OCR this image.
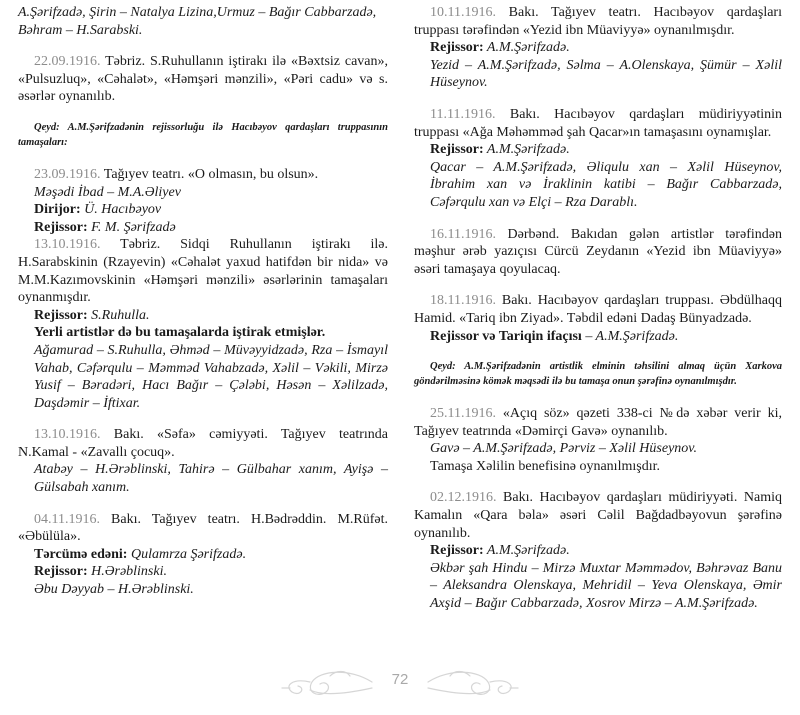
A.Şərifzadə, Şirin – Natalya Lizina,Urmuz – Bağır Cabbarzadə,

Bəhram – H.Sarabski.

22.09.1916. Təbriz. S.Ruhullanın iştirakı ilə «Bəxtsiz cavan», «Pulsuzluq», «Cəhalət», «Həmşəri mənzili», «Pəri cadu» və s. əsərlər oynanılıb.

Qeyd: A.M.Şərifzadənin rejissorluğu ilə Hacıbəyov qardaşları truppasının tamaşaları:

23.09.1916. Tağıyev teatrı. «O olmasın, bu olsun».

Məşədi İbad – M.A.Əliyev

Dirijor: Ü. Hacıbəyov

Rejissor: F. M. Şərifzadə

13.10.1916. Təbriz. Sidqi Ruhullanın iştirakı ilə. H.Sarabskinin (Rzayevin) «Cəhalət yaxud hatifdən bir nida» və M.M.Kazımovskinin «Həmşəri mənzili» əsərlərinin tamaşaları oynanmışdır.

Rejissor: S.Ruhulla.

Yerli artistlər də bu tamaşalarda iştirak etmişlər.

Ağamurad – S.Ruhulla, Əhməd – Müvəyyidzadə, Rza – İsmayıl Vahab, Cəfərqulu – Məmməd Vahabzadə, Xəlil – Vəkili, Mirzə Yusif – Bəradəri, Hacı Bağır – Çələbi, Həsən – Xəlilzadə, Daşdəmir – İftixar.

13.10.1916. Bakı. «Səfa» cəmiyyəti. Tağıyev teatrında N.Kamal - «Zavallı çocuq».

Atabəy – H.Ərəblinski, Tahirə – Gülbahar xanım, Ayişə – Gülsabah xanım.

04.11.1916. Bakı. Tağıyev teatrı. H.Bədrəddin. M.Rüfət. «Əbülüla».

Tərcümə edəni: Qulamrza Şərifzadə.

Rejissor: H.Ərəblinski.

Əbu Dəyyab – H.Ərəblinski.

10.11.1916. Bakı. Tağıyev teatrı. Hacıbəyov qardaşları truppası tərəfindən «Yezid ibn Müaviyyə» oynanılmışdır.

Rejissor: A.M.Şərifzadə.

Yezid – A.M.Şərifzadə, Səlma – A.Olenskaya, Şümür – Xəlil Hüseynov.

11.11.1916. Bakı. Hacıbəyov qardaşları müdiriyyətinin truppası «Ağa Məhəmməd şah Qacar»ın tamaşasını oynamışlar.

Rejissor: A.M.Şərifzadə.

Qacar – A.M.Şərifzadə, Əliqulu xan – Xəlil Hüseynov, İbrahim xan və İraklinin katibi – Bağır Cabbarzadə, Cəfərqulu xan və Elçi – Rza Darablı.

16.11.1916. Dərbənd. Bakıdan gələn artistlər tərəfindən məşhur ərəb yazıçısı Cürcü Zeydanın «Yezid ibn Müaviyyə» əsəri tamaşaya qoyulacaq.

18.11.1916. Bakı. Hacıbəyov qardaşları truppası. Əbdülhaqq Hamid. «Tariq ibn Ziyad». Təbdil edəni Dadaş Bünyadzadə.

Rejissor və Tariqin ifaçısı – A.M.Şərifzadə.

Qeyd: A.M.Şərifzadənin artistlik elminin təhsilini almaq üçün Xarkova göndərilməsinə kömək məqsədi ilə bu tamaşa onun şərəfinə oynanılmışdır.

25.11.1916. «Açıq söz» qəzeti 338-ci №də xəbər verir ki, Tağıyev teatrında «Dəmirçi Gavə» oynanılıb.

Gavə – A.M.Şərifzadə, Pərviz – Xəlil Hüseynov.

Tamaşa Xəlilin benefisinə oynanılmışdır.

02.12.1916. Bakı. Hacıbəyov qardaşları müdiriyyəti. Namiq Kamalın «Qara bəla» əsəri Cəlil Bağdadbəyovun şərəfinə oynanılıb.

Rejissor: A.M.Şərifzadə.

Əkbər şah Hindu – Mirzə Muxtar Məmmədov, Bəhrəvaz Banu – Aleksandra Olenskaya, Mehridil – Yeva Olenskaya, Əmir Axşid – Bağır Cabbarzadə, Xosrov Mirzə – A.M.Şərifzadə.

72
